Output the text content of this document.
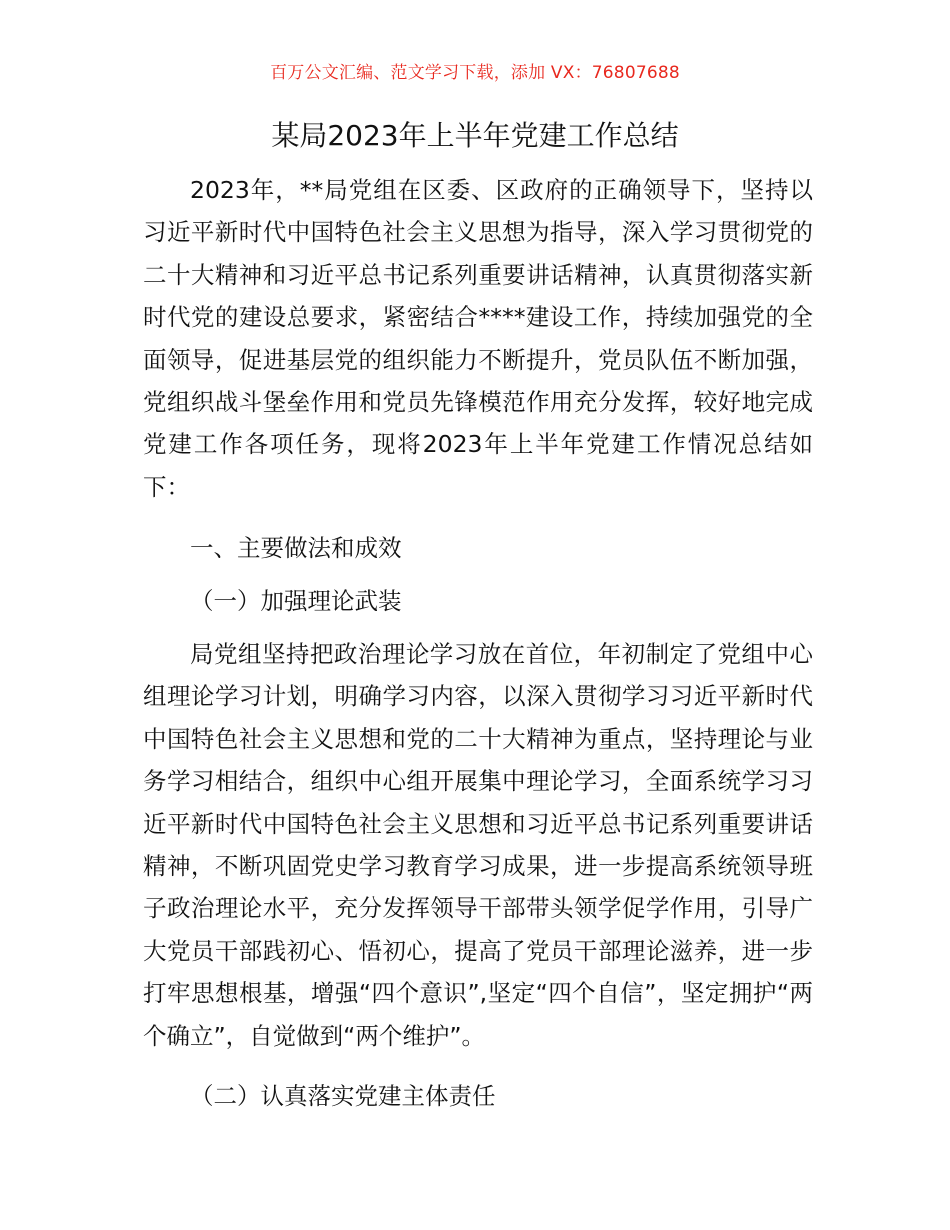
百万公文汇编、范文学习下载，添加 VX：76807688
某局2023年上半年党建工作总结
2023年，**局党组在区委、区政府的正确领导下，坚持以习近平新时代中国特色社会主义思想为指导，深入学习贯彻党的二十大精神和习近平总书记系列重要讲话精神，认真贯彻落实新时代党的建设总要求，紧密结合****建设工作，持续加强党的全面领导，促进基层党的组织能力不断提升，党员队伍不断加强，党组织战斗堡垒作用和党员先锋模范作用充分发挥，较好地完成党建工作各项任务，现将2023年上半年党建工作情况总结如下：
一、主要做法和成效
（一）加强理论武装
局党组坚持把政治理论学习放在首位，年初制定了党组中心组理论学习计划，明确学习内容，以深入贯彻学习习近平新时代中国特色社会主义思想和党的二十大精神为重点，坚持理论与业务学习相结合，组织中心组开展集中理论学习，全面系统学习习近平新时代中国特色社会主义思想和习近平总书记系列重要讲话精神，不断巩固党史学习教育学习成果，进一步提高系统领导班子政治理论水平，充分发挥领导干部带头领学促学作用，引导广大党员干部践初心、悟初心，提高了党员干部理论滋养，进一步打牢思想根基，增强“四个意识”,坚定“四个自信”，坚定拥护“两个确立”，自觉做到“两个维护”。
（二）认真落实党建主体责任
